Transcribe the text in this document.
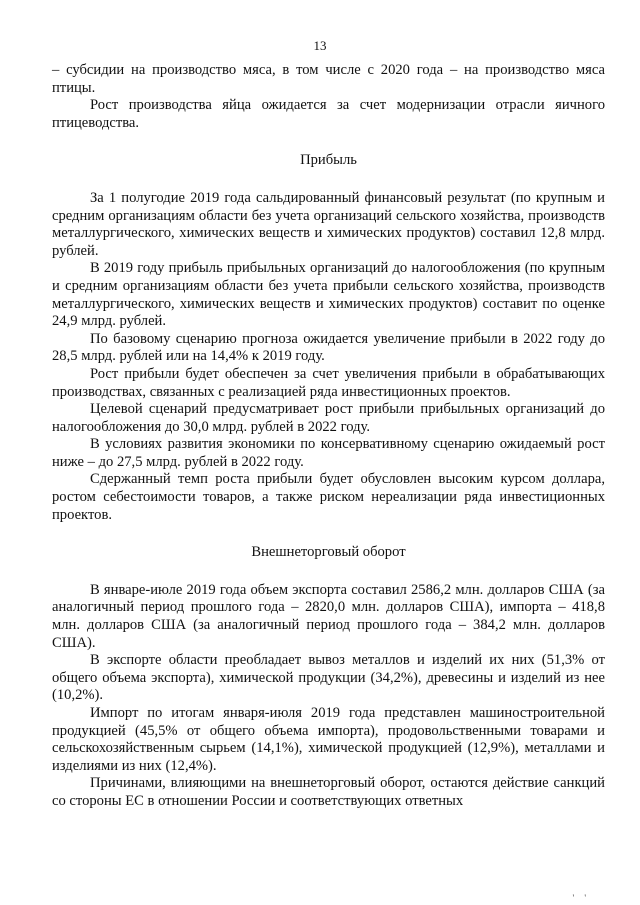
13

– субсидии на производство мяса, в том числе с 2020 года – на производство мяса птицы.

Рост производства яйца ожидается за счет модернизации отрасли яичного птицеводства.

Прибыль

За 1 полугодие 2019 года сальдированный финансовый результат (по крупным и средним организациям области без учета организаций сельского хозяйства, производств металлургического, химических веществ и химических продуктов) составил 12,8 млрд. рублей.

В 2019 году прибыль прибыльных организаций до налогообложения (по крупным и средним организациям области без учета прибыли сельского хозяйства, производств металлургического, химических веществ и химических продуктов) составит по оценке 24,9 млрд. рублей.

По базовому сценарию прогноза ожидается увеличение прибыли в 2022 году до 28,5 млрд. рублей или на 14,4% к 2019 году.

Рост прибыли будет обеспечен за счет увеличения прибыли в обрабатывающих производствах, связанных с реализацией ряда инвестиционных проектов.

Целевой сценарий предусматривает рост прибыли прибыльных организаций до налогообложения до 30,0 млрд. рублей в 2022 году.

В условиях развития экономики по консервативному сценарию ожидаемый рост ниже – до 27,5 млрд. рублей в 2022 году.

Сдержанный темп роста прибыли будет обусловлен высоким курсом доллара, ростом себестоимости товаров, а также риском нереализации ряда инвестиционных проектов.

Внешнеторговый оборот

В январе-июле 2019 года объем экспорта составил 2586,2 млн. долларов США (за аналогичный период прошлого года – 2820,0 млн. долларов США), импорта – 418,8 млн. долларов США (за аналогичный период прошлого года – 384,2 млн. долларов США).

В экспорте области преобладает вывоз металлов и изделий их них (51,3% от общего объема экспорта), химической продукции (34,2%), древесины и изделий из нее (10,2%).

Импорт по итогам января-июля 2019 года представлен машиностроительной продукцией (45,5% от общего объема импорта), продовольственными товарами и сельскохозяйственным сырьем (14,1%), химической продукцией (12,9%), металлами и изделиями из них (12,4%).

Причинами, влияющими на внешнеторговый оборот, остаются действие санкций со стороны ЕС в отношении России и соответствующих ответных

' '
